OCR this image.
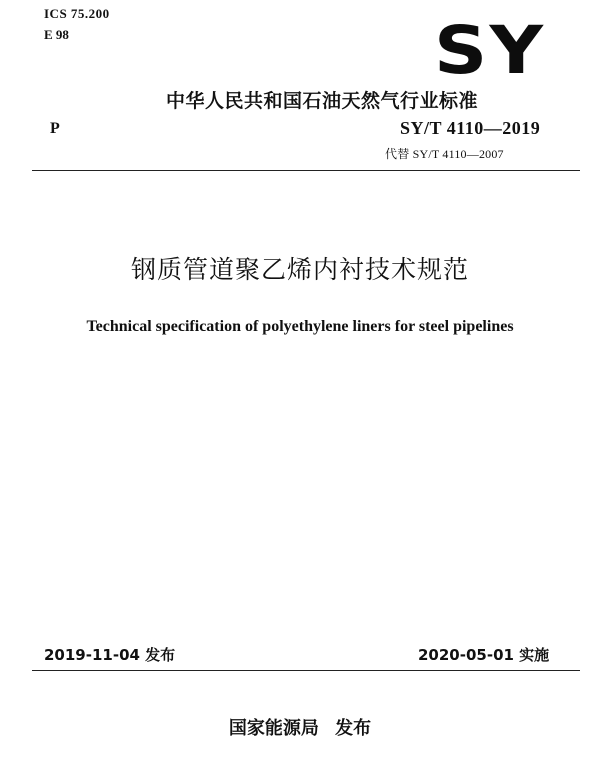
ICS 75.200
E 98	SY
中华人民共和国石油天然气行业标准
P	SY/T 4110—2019
代替 SY/T 4110—2007
钢质管道聚乙烯内衬技术规范
Technical specification of polyethylene liners for steel pipelines
2019-11-04 发布	2020-05-01 实施
国家能源局 发布
